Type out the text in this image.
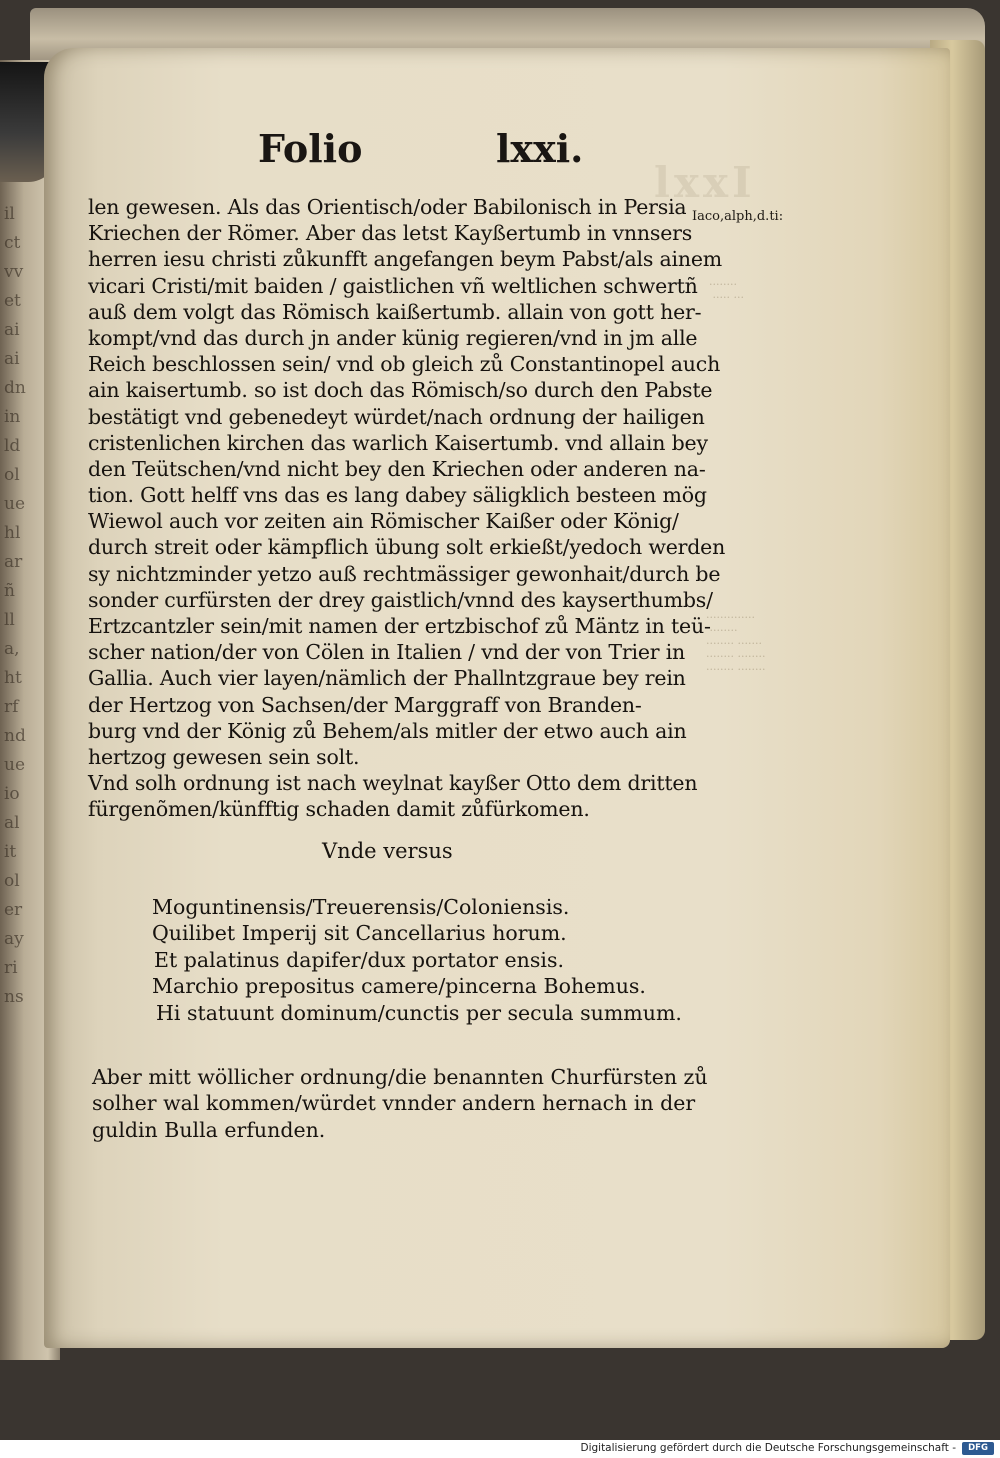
il
ct
vv
et
ai
ai
dn
in
ld
ol
ue
hl
ar
ñ
ll
a,
ht
rf
nd
ue
io
al
it
ol
er
ay
ri
ns
lxxI

........
..... ...
..............
........
........ .......
........ ........
........ ........
Folio	lxxi.
Iaco,alph,d.ti:
len gewesen. Als das Orientisch/oder Babilonisch in Persia
Kriechen der Römer. Aber das letst Kayßertumb in vnnsers
herren iesu christi zůkunfft angefangen beym Pabst/als ainem
vicari Cristi/mit baiden / gaistlichen vñ weltlichen schwertñ
auß dem volgt das Römisch kaißertumb. allain von gott her-
kompt/vnd das durch jn ander künig regieren/vnd in jm alle
Reich beschlossen sein/ vnd ob gleich zů Constantinopel auch
ain kaisertumb. so ist doch das Römisch/so durch den Pabste
bestätigt vnd gebenedeyt würdet/nach ordnung der hailigen
cristenlichen kirchen das warlich Kaisertumb. vnd allain bey
den Teütschen/vnd nicht bey den Kriechen oder anderen na-
tion. Gott helff vns das es lang dabey säligklich besteen mög
Wiewol auch vor zeiten ain Römischer Kaißer oder König/
durch streit oder kämpflich übung solt erkießt/yedoch werden
sy nichtzminder yetzo auß rechtmässiger gewonhait/durch be
sonder curfürsten der drey gaistlich/vnnd des kayserthumbs/
Ertzcantzler sein/mit namen der ertzbischof zů Mäntz in teü-
scher nation/der von Cölen in Italien / vnd der von Trier in
Gallia. Auch vier layen/nämlich der Phallntzgraue bey rein
der Hertzog von Sachsen/der Marggraff von Branden-
burg vnd der König zů Behem/als mitler der etwo auch ain
hertzog gewesen sein solt.
Vnd solh ordnung ist nach weylnat kayßer Otto dem dritten
fürgenõmen/künfftig schaden damit zůfürkomen.
Vnde versus
Moguntinensis/Treuerensis/Coloniensis.
Quilibet Imperij sit Cancellarius horum.
Et palatinus dapifer/dux portator ensis.
Marchio prepositus camere/pincerna Bohemus.
Hi statuunt dominum/cunctis per secula summum.
Aber mitt wöllicher ordnung/die benannten Churfürsten zů
solher wal kommen/würdet vnnder andern hernach in der
guldin Bulla erfunden.
Digitalisierung gefördert durch die Deutsche Forschungsgemeinschaft -	DFG
